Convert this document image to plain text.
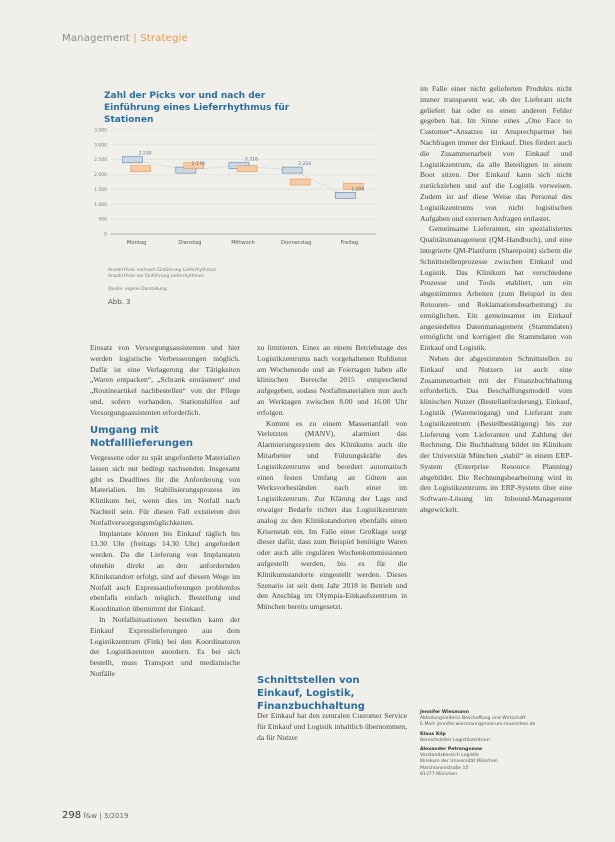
Management | Strategie
Zahl der Picks vor und nach der Einführung eines Lieferrhythmus für Stationen
3.500
3.000
2.500
2.000
1.500
1.000
500
0
Montag
2.530
Dienstag
2.170
Mittwoch
2.316
Donnerstag
2.224
Freitag
1.300
Anzahl Picks vor/nach Einführung Lieferrhythmus
Anzahl Picks vor Einführung Lieferrhythmus
Quelle: eigene Darstellung
Abb. 3

Einsatz von Versorgungsassistenten und hier werden logistische Verbesserungen möglich. Dafür ist eine Verlagerung der Tätigkeiten „Waren entpacken“, „Schrank einräumen“ und „Routineartikel nachbestellen“ von der Pflege und, sofern vorhanden, Stationshilfen auf Versorgungsassistenten erforderlich.

Umgang mit Notfalllieferungen

Vergessene oder zu spät angeforderte Materialien lassen sich nur bedingt nachsenden. Insgesamt gibt es Deadlines für die Anforderung von Materialien. Im Stabilisierungsprozess im Klinikum bei, wenn dies im Notfall nach Nachteil sein. Für diesen Fall existieren drei Notfallversorgungsmöglichkeiten.

Implantate können bis Einkauf täglich bis 13.30 Uhr (freitags 14.30 Uhr) angefordert werden. Da die Lieferung von Implantaten ohnehin direkt an den anfordernden Klinikstandort erfolgt, sind auf diesem Wege im Notfall auch Expressanlieferungen problemlos ebenfalls einfach möglich. Bestellung und Koordination übernimmt der Einkauf.

In Notfallsituationen bestellen kann der Einkauf Expresslieferungen aus dem Logistikzentrum (Fink) bei den Koordinatoren der Logistikzentren anordern. Es bei sich bestellt, muss Transport und medizinische Notfälle

zu limitieren. Eines an einem Betriebstage des Logistikzentrums nach vorgehaltenen Rufdienst am Wochenende und an Feiertagen haben alle klinischen Bereiche 2015 entsprechend aufgegeben, sodass Notfallmaterialien nun auch an Werktagen zwischen 8.00 und 16.00 Uhr erfolgen.

Kommt es zu einem Massenanfall von Verletzten (MANV), alarmiert das Alarmierungssystem des Klinikums auch die Mitarbeiter und Führungskräfte des Logistikzentrums und beordert automatisch einen festen Umfang an Gütern aus Werksvorbeständen nach einer im Logistikzentrum. Zur Klärung der Lage und etwaiger Bedarfe richtet das Logistikzentrum analog zu den Klinikstandorten ebenfalls einen Krisenstab ein. Im Falle einer Großlage sorgt dieser dafür, dass zum Beispiel benötigte Waren oder auch alle regulären Wochenkommissionen aufgestellt werden, bis es für die Klinikumstandorte eingestellt werden. Dieses Szenario ist seit dem Jahr 2018 in Betrieb und den Anschlag im Olympia-Einkaufszentrum in München bereits umgesetzt.

Schnittstellen von Einkauf, Logistik, Finanzbuchhaltung

Der Einkauf hat den zentralen Customer Service für Einkauf und Logistik inhaltlich übernommen, da für Nutzer

im Falle einer nicht gelieferten Produkts nicht immer transparent war, ob der Lieferant nicht geliefert hat oder es einen anderen Fehler gegeben hat. Im Sinne eines „One Face to Customer“-Ansatzes ist Ansprechpartner bei Nachfragen immer der Einkauf. Dies fördert auch die Zusammenarbeit von Einkauf und Logistikzentrum, da alle Beteiligten in einem Boot sitzen. Der Einkauf kann sich nicht zurückziehen und auf die Logistik verweisen. Zudem ist auf diese Weise das Personal des Logistikzentrums von nicht logistischen Aufgaben und externen Anfragen entlastet.

Gemeinsame Lieferanten, ein spezialisiertes Qualitätsmanagement (QM-Handbuch), und eine integrierte QM-Plattform (Sharepoint) sichern die Schnittstellenprozesse zwischen Einkauf und Logistik. Das Klinikum hat verschiedene Prozesse und Tools etabliert, um ein abgestimmtes Arbeiten (zum Beispiel in den Retouren- und Reklamationsbearbeitung) zu ermöglichen. Ein gemeinsamer im Einkauf angesiedeltes Datenmanagement (Stammdaten) ermöglicht und korrigiert die Stammdaten von Einkauf und Logistik.

Neben der abgestimmten Schnittstellen zu Einkauf und Nutzern ist auch eine Zusammenarbeit mit der Finanzbuchhaltung erforderlich. Das Beschaffungsmodell vom klinischen Nutzer (Bestellanforderung), Einkauf, Logistik (Wareneingang) und Lieferant zum Logistikzentrum (Bestellbestätigung) bis zur Lieferung vom Lieferanten und Zahlung der Rechnung. Die Buchhaltung bildet im Klinikum der Universität München „stabil“ in einem ERP-System (Enterprise Resource Planning) abgebildet. Die Rechnungsbearbeitung wird in den Logistikzentrums im ERP-System über eine Software-Lösung im Inbound-Management abgewickelt.

Jennifer Wiesmann
Abteilungsleiterin Beschaffung und Wirtschaft
E-Mail: jennifer.wiesmann@med.uni-muenchen.de
Klaus Kilp
Bereichsleiter Logistikzentrum
Alexander Petrangonow
Vorstandsbereich Logistik
Klinikum der Universität München
Marchioninistraße 15
81377 München
298 f&w | 3/2019
